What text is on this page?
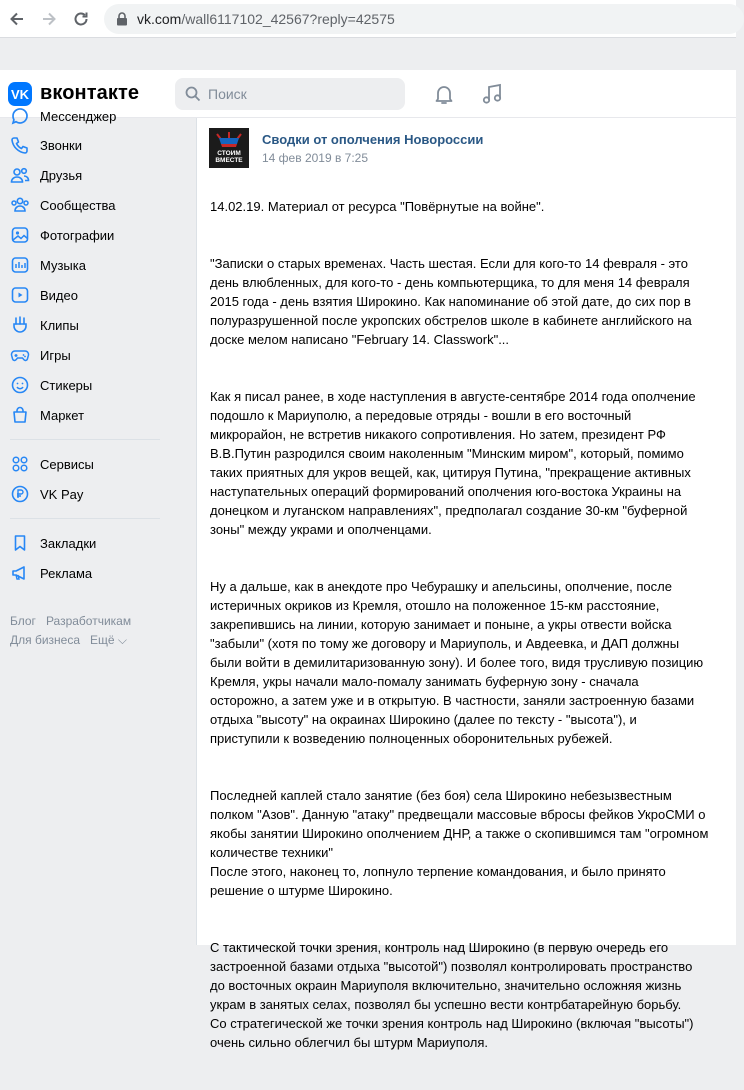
vk.com/wall6117102_42567?reply=42575
VK вконтакте
Поиск
Мессенджер
Звонки
Друзья
Сообщества
Фотографии
Музыка
Видео
Клипы
Игры
Стикеры
Маркет
Сервисы
VK Pay
Закладки
Реклама
Блог Разработчикам
Для бизнеса Ещё ⌵
СТОИМ
ВМЕСТЕ
Сводки от ополчения Новороссии
14 фев 2019 в 7:25

14.02.19. Материал от ресурса "Повёрнутые на войне".

"Записки о старых временах. Часть шестая. Если для кого-то 14 февраля - это день влюбленных, для кого-то - день компьютерщика, то для меня 14 февраля 2015 года - день взятия Широкино. Как напоминание об этой дате, до сих пор в полуразрушенной после укропских обстрелов школе в кабинете английского на доске мелом написано "February 14. Classwork"...

Как я писал ранее, в ходе наступления в августе-сентябре 2014 года ополчение подошло к Мариуполю, а передовые отряды - вошли в его восточный микрорайон, не встретив никакого сопротивления. Но затем, президент РФ В.В.Путин разродился своим наколенным "Минским миром", который, помимо таких приятных для укров вещей, как, цитируя Путина, "прекращение активных наступательных операций формирований ополчения юго-востока Украины на донецком и луганском направлениях", предполагал создание 30-км "буферной зоны" между украми и ополченцами.

Ну а дальше, как в анекдоте про Чебурашку и апельсины, ополчение, после истеричных окриков из Кремля, отошло на положенное 15-км расстояние, закрепившись на линии, которую занимает и поныне, а укры отвести войска "забыли" (хотя по тому же договору и Мариуполь, и Авдеевка, и ДАП должны были войти в демилитаризованную зону). И более того, видя трусливую позицию Кремля, укры начали мало-помалу занимать буферную зону - сначала осторожно, а затем уже и в открытую. В частности, заняли застроенную базами отдыха "высоту" на окраинах Широкино (далее по тексту - "высота"), и приступили к возведению полноценных оборонительных рубежей.

Последней каплей стало занятие (без боя) села Широкино небезызвестным полком "Азов". Данную "атаку" предвещали массовые вбросы фейков УкроСМИ о якобы занятии Широкино ополчением ДНР, а также о скопившимся там "огромном количестве техники"
После этого, наконец то, лопнуло терпение командования, и было принято решение о штурме Широкино.

С тактической точки зрения, контроль над Широкино (в первую очередь его застроенной базами отдыха "высотой") позволял контролировать пространство до восточных окраин Мариуполя включительно, значительно осложняя жизнь украм в занятых селах, позволял бы успешно вести контрбатарейную борьбу.
Со стратегической же точки зрения контроль над Широкино (включая "высоты") очень сильно облегчил бы штурм Мариуполя.
